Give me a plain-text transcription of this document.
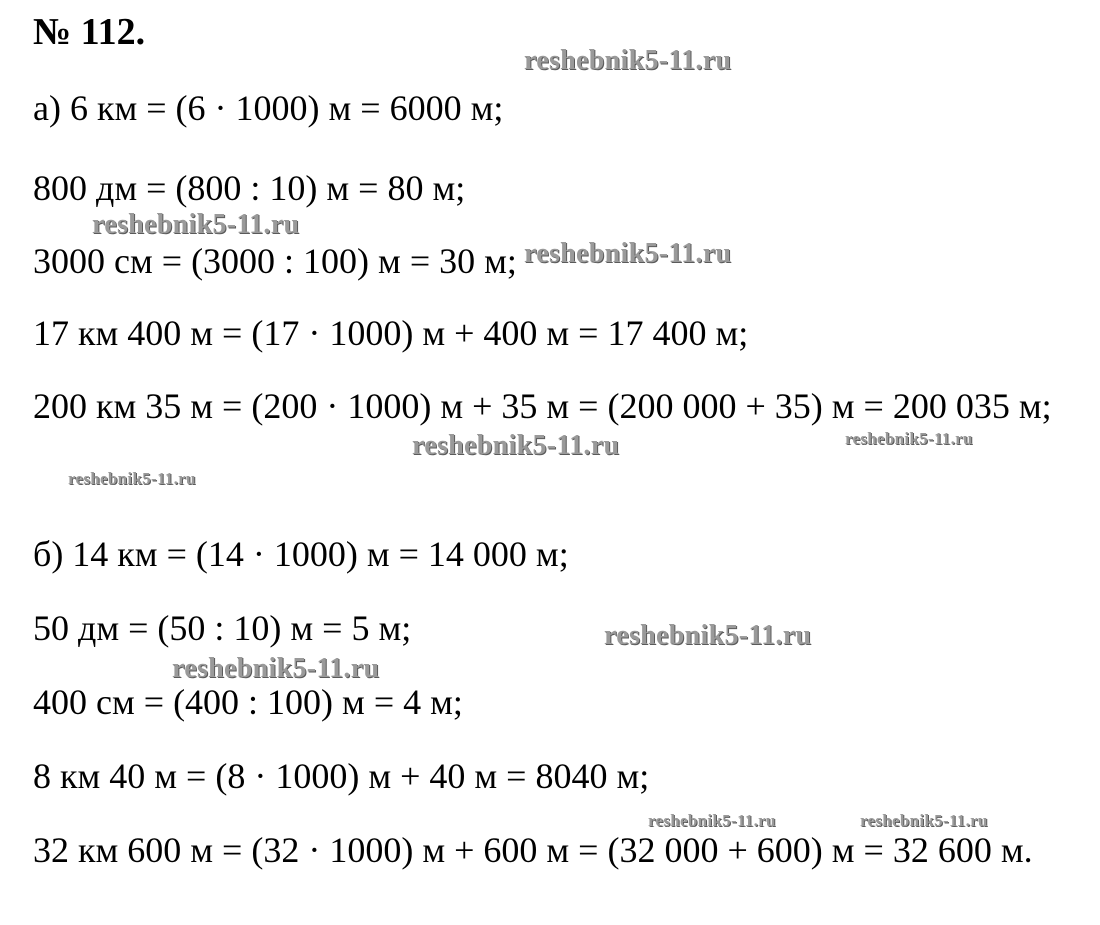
№ 112.
а) 6 км = (6 · 1000) м = 6000 м;
800 дм = (800 : 10) м = 80 м;
3000 см = (3000 : 100) м = 30 м;
17 км 400 м = (17 · 1000) м + 400 м = 17 400 м;
200 км 35 м = (200 · 1000) м + 35 м = (200 000 + 35) м = 200 035 м;
б) 14 км = (14 · 1000) м = 14 000 м;
50 дм = (50 : 10) м = 5 м;
400 см = (400 : 100) м = 4 м;
8 км 40 м = (8 · 1000) м + 40 м = 8040 м;
32 км 600 м = (32 · 1000) м + 600 м = (32 000 + 600) м = 32 600 м.
reshebnik5-11.ru
reshebnik5-11.ru
reshebnik5-11.ru
reshebnik5-11.ru	reshebnik5-11.ru
reshebnik5-11.ru
reshebnik5-11.ru
reshebnik5-11.ru
reshebnik5-11.ru	reshebnik5-11.ru
